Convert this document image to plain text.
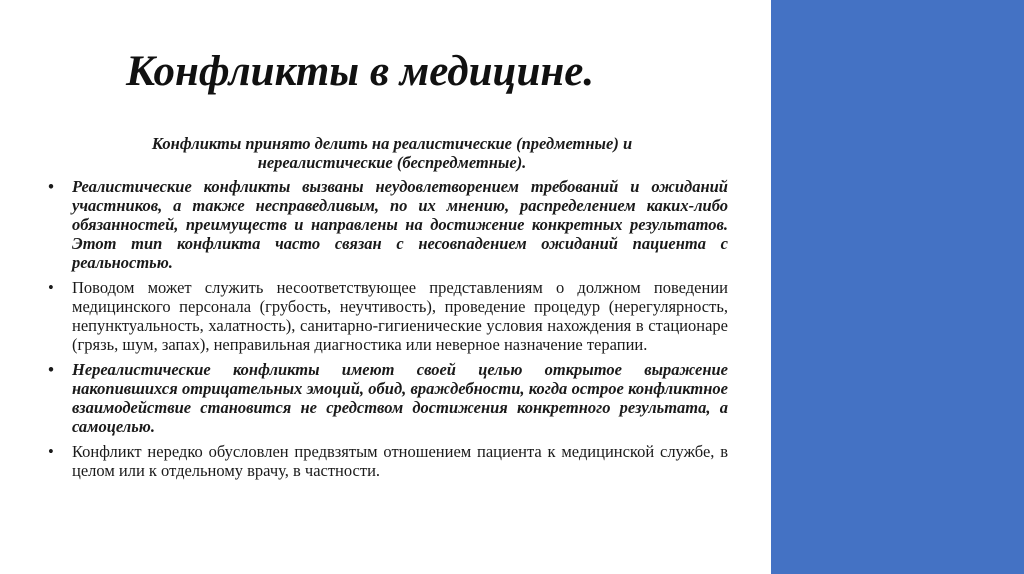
Конфликты в медицине.

Конфликты принято делить на реалистические (предметные) и нереалистические (беспредметные).

•	Реалистические конфликты вызваны неудовлетворением требований и ожиданий участников, а также несправедливым, по их мнению, распределением каких-либо обязанностей, преимуществ и направлены на достижение конкретных результатов. Этот тип конфликта часто связан с несовпадением ожиданий пациента с реальностью.
•	Поводом может служить несоответствующее представлениям о должном поведении медицинского персонала (грубость, неучтивость), проведение процедур (нерегулярность, непунктуальность, халатность), санитарно-гигиенические условия нахождения в стационаре (грязь, шум, запах), неправильная диагностика или неверное назначение терапии.
•	Нереалистические конфликты имеют своей целью открытое выражение накопившихся отрицательных эмоций, обид, враждебности, когда острое конфликтное взаимодействие становится не средством достижения конкретного результата, а самоцелью.
•	Конфликт нередко обусловлен предвзятым отношением пациента к медицинской службе, в целом или к отдельному врачу, в частности.
